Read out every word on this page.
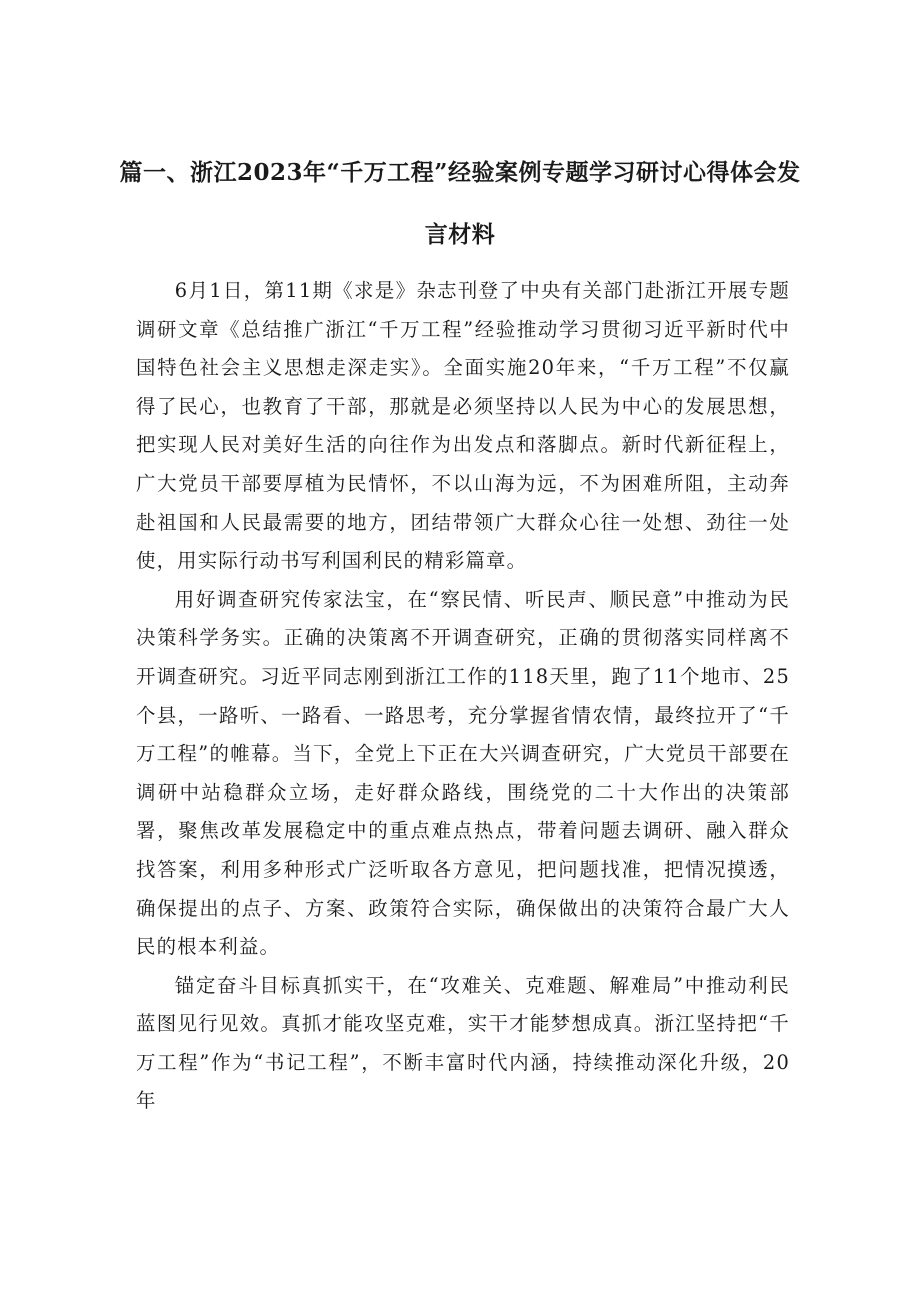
篇一、浙江2023年“千万工程”经验案例专题学习研讨心得体会发
言材料

6月1日，第11期《求是》杂志刊登了中央有关部门赴浙江开展专题调研文章《总结推广浙江“千万工程”经验推动学习贯彻习近平新时代中国特色社会主义思想走深走实》。全面实施20年来，“千万工程”不仅赢得了民心，也教育了干部，那就是必须坚持以人民为中心的发展思想，把实现人民对美好生活的向往作为出发点和落脚点。新时代新征程上，广大党员干部要厚植为民情怀，不以山海为远，不为困难所阻，主动奔赴祖国和人民最需要的地方，团结带领广大群众心往一处想、劲往一处使，用实际行动书写利国利民的精彩篇章。

用好调查研究传家法宝，在“察民情、听民声、顺民意”中推动为民决策科学务实。正确的决策离不开调查研究，正确的贯彻落实同样离不开调查研究。习近平同志刚到浙江工作的118天里，跑了11个地市、25个县，一路听、一路看、一路思考，充分掌握省情农情，最终拉开了“千万工程”的帷幕。当下，全党上下正在大兴调查研究，广大党员干部要在调研中站稳群众立场，走好群众路线，围绕党的二十大作出的决策部署，聚焦改革发展稳定中的重点难点热点，带着问题去调研、融入群众找答案，利用多种形式广泛听取各方意见，把问题找准，把情况摸透，确保提出的点子、方案、政策符合实际，确保做出的决策符合最广大人民的根本利益。

锚定奋斗目标真抓实干，在“攻难关、克难题、解难局”中推动利民蓝图见行见效。真抓才能攻坚克难，实干才能梦想成真。浙江坚持把“千万工程”作为“书记工程”，不断丰富时代内涵，持续推动深化升级，20年
